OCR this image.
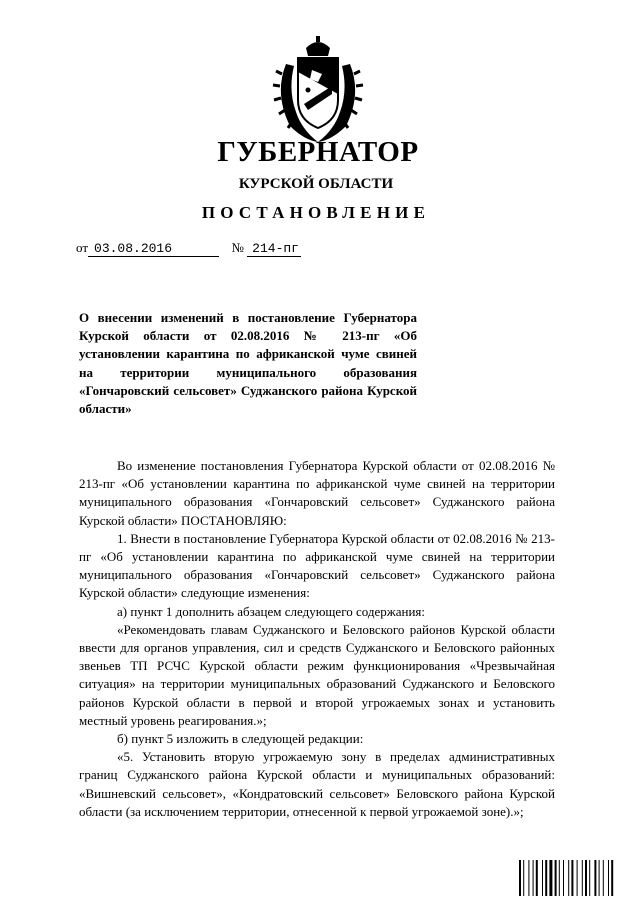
ГУБЕРНАТОР
КУРСКОЙ ОБЛАСТИ
ПОСТАНОВЛЕНИЕ
от 03.08.2016	№ 214-пг
О внесении изменений в постановление Губернатора Курской области от 02.08.2016 № 213-пг «Об установлении карантина по африканской чуме свиней на территории муниципального образования «Гончаровский сельсовет» Суджанского района Курской области»

Во изменение постановления Губернатора Курской области от 02.08.2016 № 213-пг «Об установлении карантина по африканской чуме свиней на территории муниципального образования «Гончаровский сельсовет» Суджанского района Курской области» ПОСТАНОВЛЯЮ:

1. Внести в постановление Губернатора Курской области от 02.08.2016 № 213-пг «Об установлении карантина по африканской чуме свиней на территории муниципального образования «Гончаровский сельсовет» Суджанского района Курской области» следующие изменения:

а) пункт 1 дополнить абзацем следующего содержания:

«Рекомендовать главам Суджанского и Беловского районов Курской области ввести для органов управления, сил и средств Суджанского и Беловского районных звеньев ТП РСЧС Курской области режим функционирования «Чрезвычайная ситуация» на территории муниципальных образований Суджанского и Беловского районов Курской области в первой и второй угрожаемых зонах и установить местный уровень реагирования.»;

б) пункт 5 изложить в следующей редакции:

«5. Установить вторую угрожаемую зону в пределах административных границ Суджанского района Курской области и муниципальных образований: «Вишневский сельсовет», «Кондратовский сельсовет» Беловского района Курской области (за исключением территории, отнесенной к первой угрожаемой зоне).»;
